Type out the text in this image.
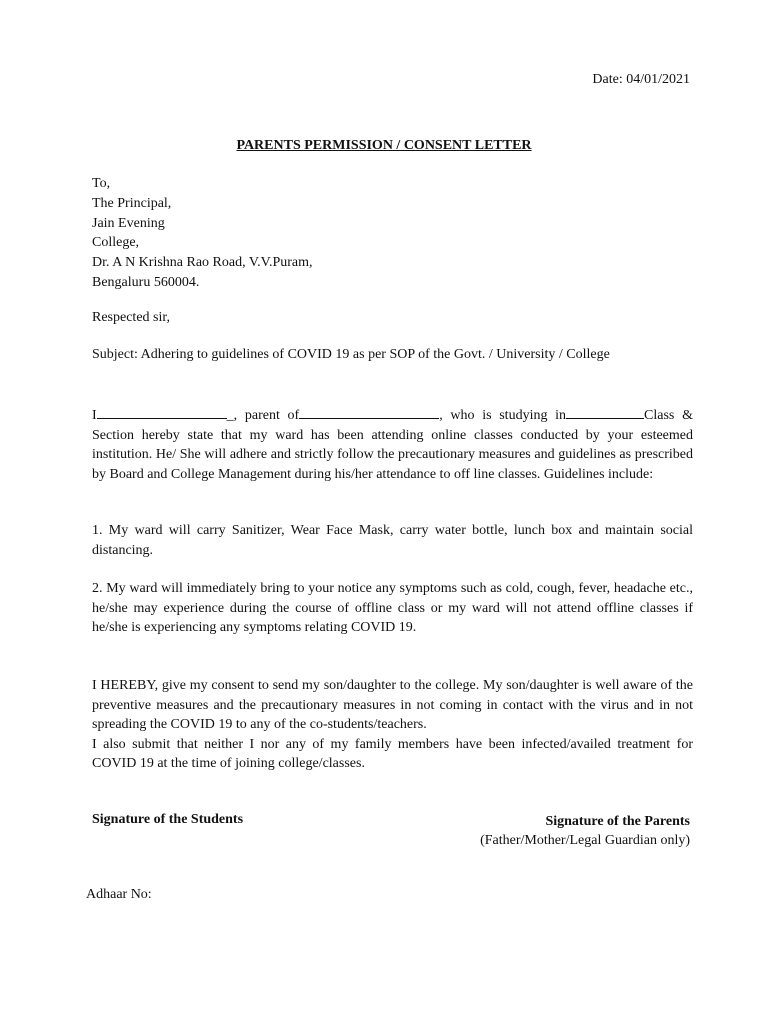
Date: 04/01/2021
PARENTS PERMISSION / CONSENT LETTER
To,
The Principal,
Jain Evening
College,
Dr. A N Krishna Rao Road, V.V.Puram,
Bengaluru 560004.
Respected sir,
Subject: Adhering to guidelines of COVID 19 as per SOP of the Govt. / University / College
I	_, parent of	, who is studying in	Class & Section hereby state that my ward has been attending online classes conducted by your esteemed institution. He/ She will adhere and strictly follow the precautionary measures and guidelines as prescribed by Board and College Management during his/her attendance to off line classes. Guidelines include:
1. My ward will carry Sanitizer, Wear Face Mask, carry water bottle, lunch box and maintain social distancing.
2. My ward will immediately bring to your notice any symptoms such as cold, cough, fever, headache etc., he/she may experience during the course of offline class or my ward will not attend offline classes if he/she is experiencing any symptoms relating COVID 19.
I HEREBY, give my consent to send my son/daughter to the college. My son/daughter is well aware of the preventive measures and the precautionary measures in not coming in contact with the virus and in not spreading the COVID 19 to any of the co-students/teachers.
I also submit that neither I nor any of my family members have been infected/availed treatment for COVID 19 at the time of joining college/classes.
Signature of the Students	Signature of the Parents
(Father/Mother/Legal Guardian only)
Adhaar No:
